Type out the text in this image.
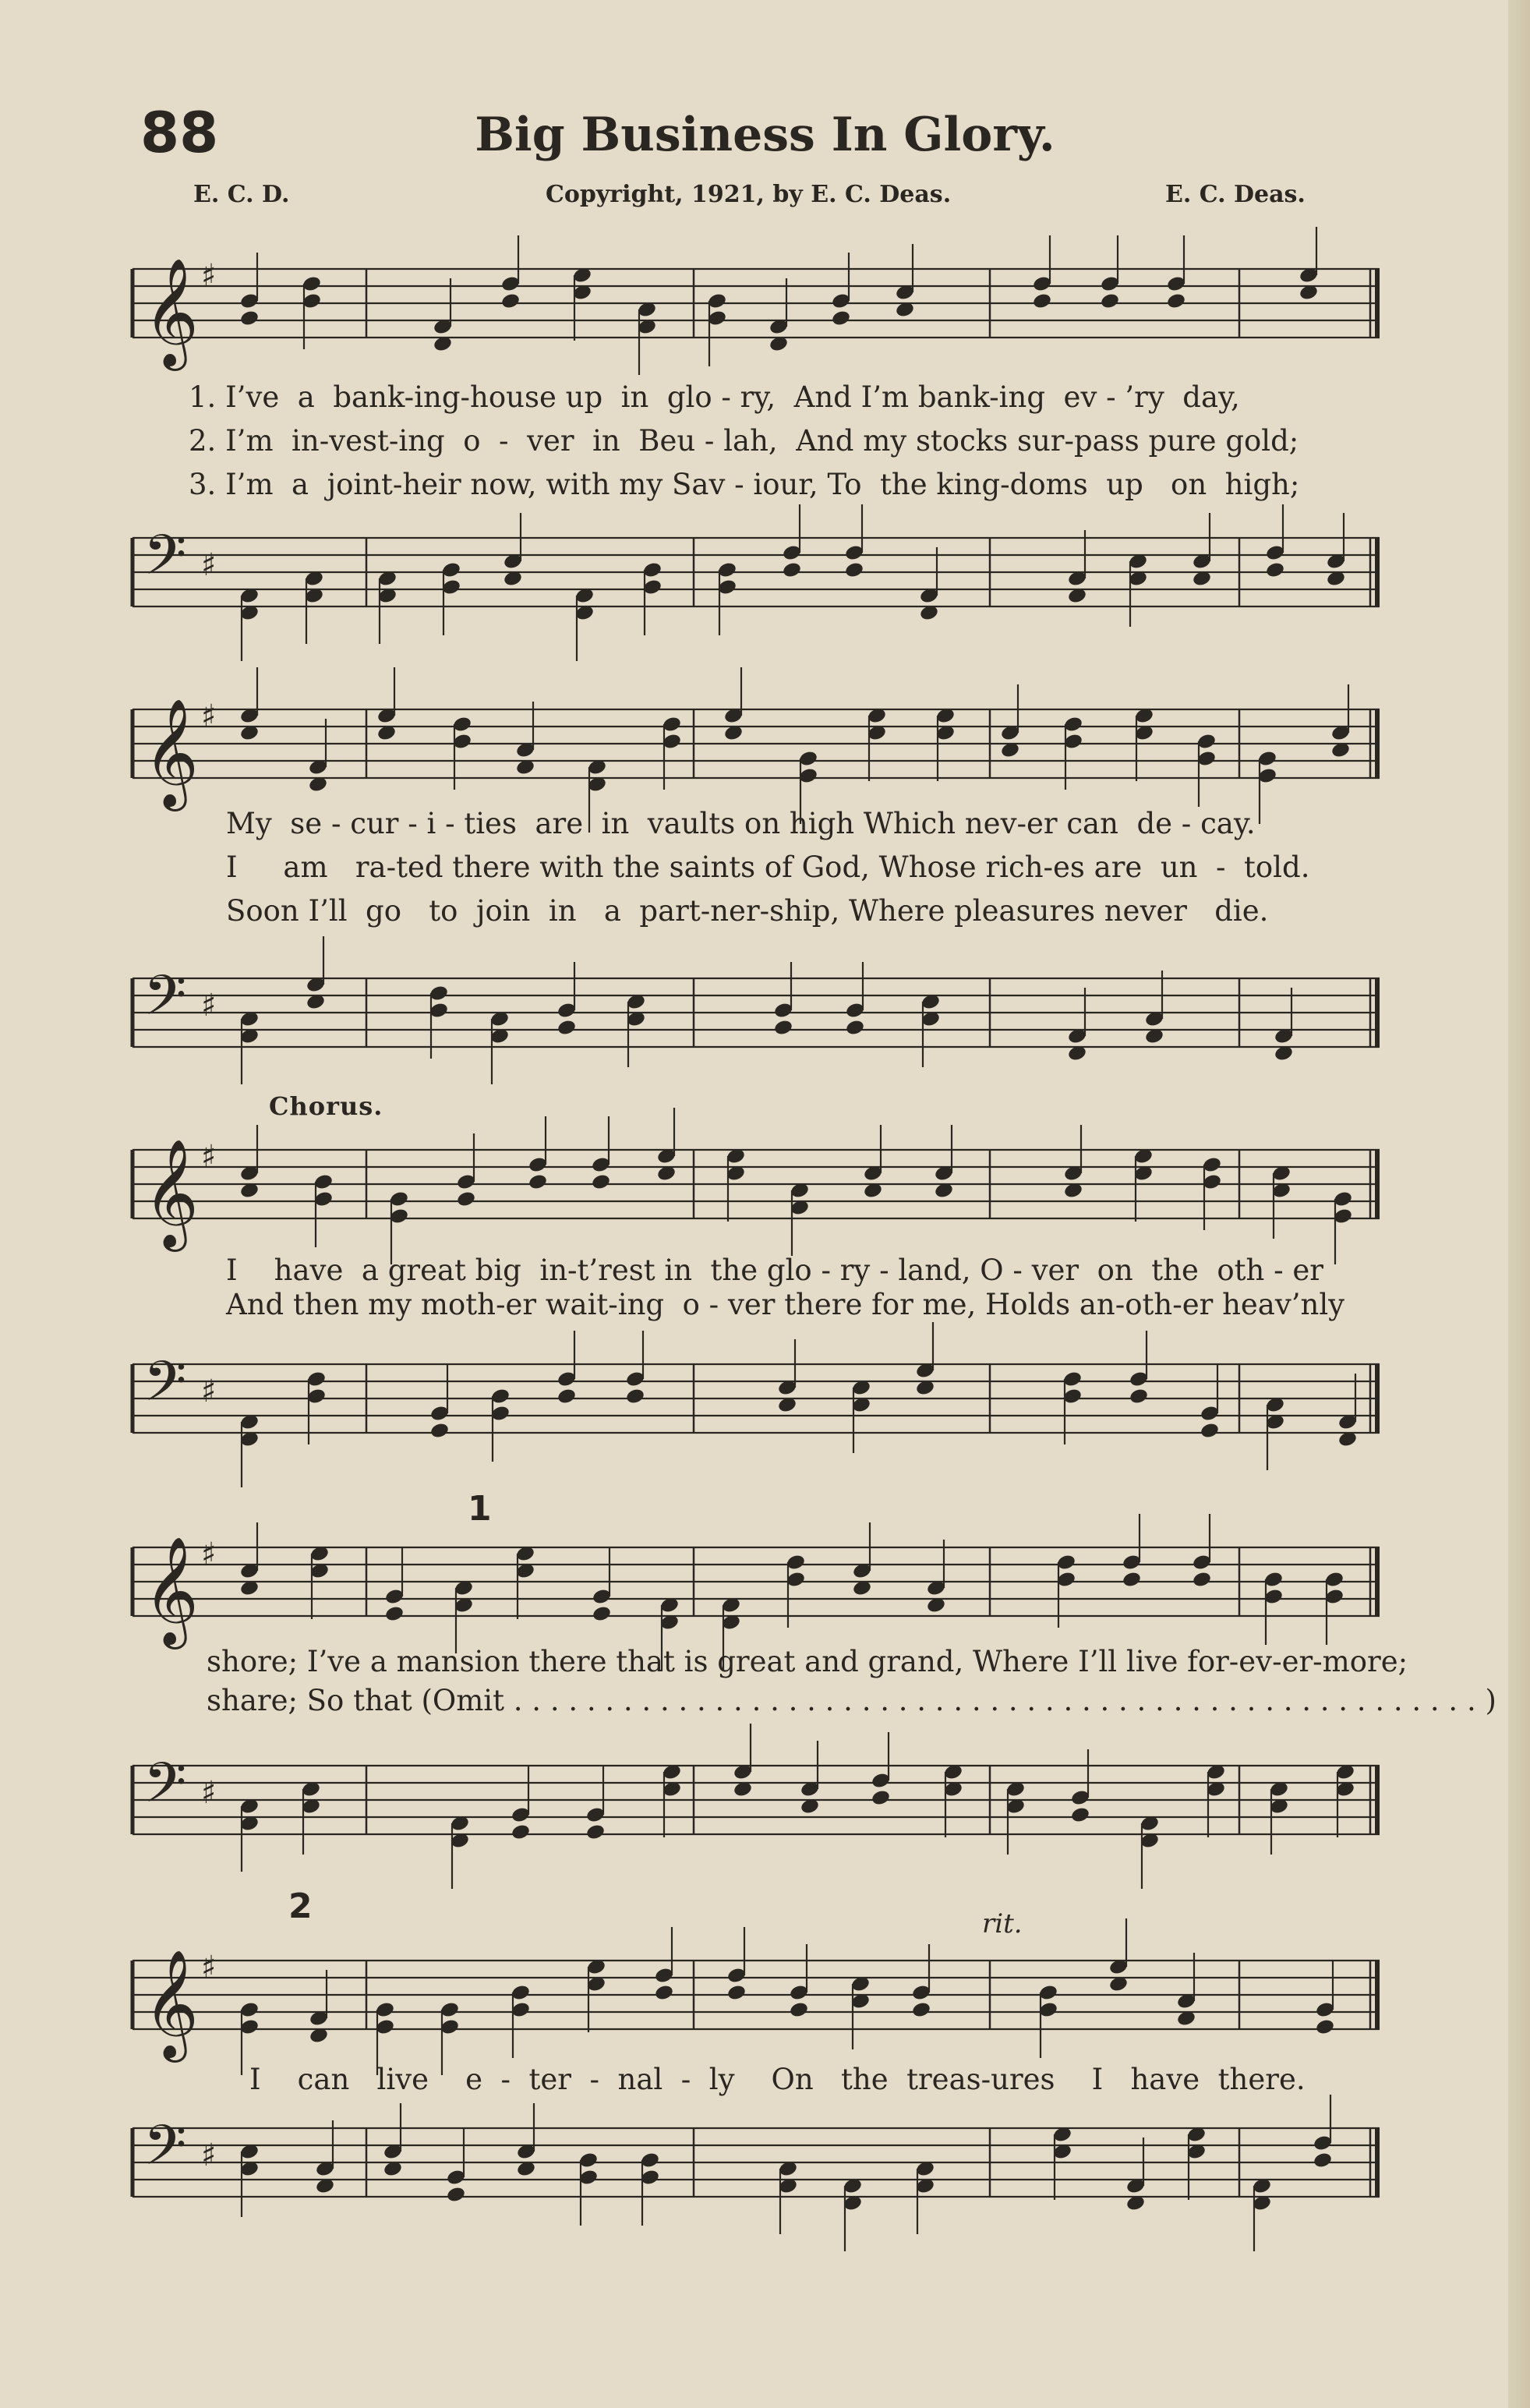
88	Big Business In Glory.
E. C. D.	Copyright, 1921, by E. C. Deas.	E. C. Deas.
𝄞 ♯
𝄢 ♯
1. I’ve  a  bank-ing-house up  in  glo - ry,  And I’m bank-ing  ev - ’ry  day,
2. I’m  in-vest-ing  o  -  ver  in  Beu - lah,  And my stocks sur-pass pure gold;
3. I’m  a  joint-heir now, with my Sav - iour, To  the king-doms  up   on  high;
𝄞 ♯
𝄢 ♯
My  se - cur - i - ties  are  in  vaults on high Which nev-er can  de - cay.
I     am   ra-ted there with the saints of God, Whose rich-es are  un  -  told.
Soon I’ll  go   to  join  in   a  part-ner-ship, Where pleasures never   die.
Chorus.
𝄞 ♯
𝄢 ♯
I    have  a great big  in-t’rest in  the glo - ry - land, O - ver  on  the  oth - er
And then my moth-er wait-ing  o - ver there for me, Holds an-oth-er heav’nly
1
𝄞 ♯
𝄢 ♯
shore; I’ve a mansion there that is great and grand, Where I’ll live for-ev-er-more;
share; So that (Omit . . . . . . . . . . . . . . . . . . . . . . . . . . . . . . . . . . . . . . . . . . . . . . . . . . . . . )
2	rit.
𝄞 ♯
𝄢 ♯
I    can   live    e  -  ter  -  nal  -  ly    On   the  treas-ures    I   have  there.
